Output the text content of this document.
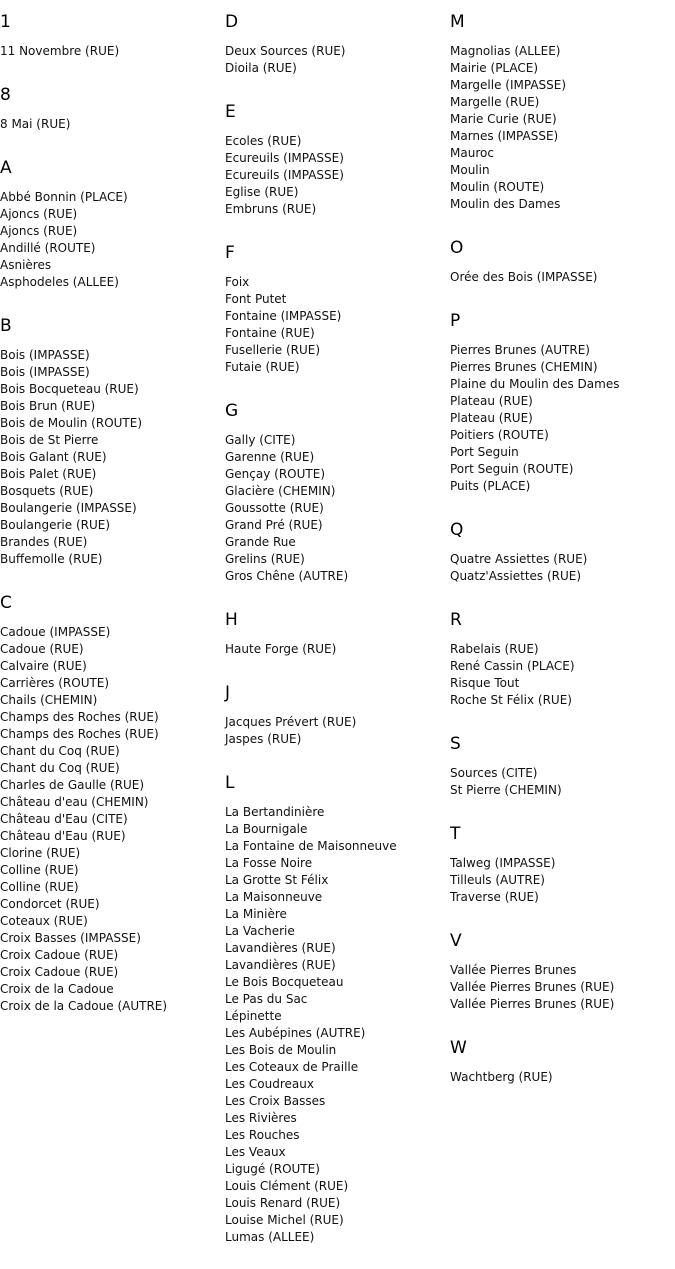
1
11 Novembre (RUE)
8
8 Mai (RUE)
A
Abbé Bonnin (PLACE)
Ajoncs (RUE)
Ajoncs (RUE)
Andillé (ROUTE)
Asnières
Asphodeles (ALLEE)
B
Bois (IMPASSE)
Bois (IMPASSE)
Bois Bocqueteau (RUE)
Bois Brun (RUE)
Bois de Moulin (ROUTE)
Bois de St Pierre
Bois Galant (RUE)
Bois Palet (RUE)
Bosquets (RUE)
Boulangerie (IMPASSE)
Boulangerie (RUE)
Brandes (RUE)
Buffemolle (RUE)
C
Cadoue (IMPASSE)
Cadoue (RUE)
Calvaire (RUE)
Carrières (ROUTE)
Chails (CHEMIN)
Champs des Roches (RUE)
Champs des Roches (RUE)
Chant du Coq (RUE)
Chant du Coq (RUE)
Charles de Gaulle (RUE)
Château d'eau (CHEMIN)
Château d'Eau (CITE)
Château d'Eau (RUE)
Clorine (RUE)
Colline (RUE)
Colline (RUE)
Condorcet (RUE)
Coteaux (RUE)
Croix Basses (IMPASSE)
Croix Cadoue (RUE)
Croix Cadoue (RUE)
Croix de la Cadoue
Croix de la Cadoue (AUTRE)
D
Deux Sources (RUE)
Dioila (RUE)
E
Ecoles (RUE)
Ecureuils (IMPASSE)
Ecureuils (IMPASSE)
Eglise (RUE)
Embruns (RUE)
F
Foix
Font Putet
Fontaine (IMPASSE)
Fontaine (RUE)
Fusellerie (RUE)
Futaie (RUE)
G
Gally (CITE)
Garenne (RUE)
Gençay (ROUTE)
Glacière (CHEMIN)
Goussotte (RUE)
Grand Pré (RUE)
Grande Rue
Grelins (RUE)
Gros Chêne (AUTRE)
H
Haute Forge (RUE)
J
Jacques Prévert (RUE)
Jaspes (RUE)
L
La Bertandinière
La Bournigale
La Fontaine de Maisonneuve
La Fosse Noire
La Grotte St Félix
La Maisonneuve
La Minière
La Vacherie
Lavandières (RUE)
Lavandières (RUE)
Le Bois Bocqueteau
Le Pas du Sac
Lépinette
Les Aubépines (AUTRE)
Les Bois de Moulin
Les Coteaux de Praille
Les Coudreaux
Les Croix Basses
Les Rivières
Les Rouches
Les Veaux
Ligugé (ROUTE)
Louis Clément (RUE)
Louis Renard (RUE)
Louise Michel (RUE)
Lumas (ALLEE)
M
Magnolias (ALLEE)
Mairie (PLACE)
Margelle (IMPASSE)
Margelle (RUE)
Marie Curie (RUE)
Marnes (IMPASSE)
Mauroc
Moulin
Moulin (ROUTE)
Moulin des Dames
O
Orée des Bois (IMPASSE)
P
Pierres Brunes (AUTRE)
Pierres Brunes (CHEMIN)
Plaine du Moulin des Dames
Plateau (RUE)
Plateau (RUE)
Poitiers (ROUTE)
Port Seguin
Port Seguin (ROUTE)
Puits (PLACE)
Q
Quatre Assiettes (RUE)
Quatz'Assiettes (RUE)
R
Rabelais (RUE)
René Cassin (PLACE)
Risque Tout
Roche St Félix (RUE)
S
Sources (CITE)
St Pierre (CHEMIN)
T
Talweg (IMPASSE)
Tilleuls (AUTRE)
Traverse (RUE)
V
Vallée Pierres Brunes
Vallée Pierres Brunes (RUE)
Vallée Pierres Brunes (RUE)
W
Wachtberg (RUE)
